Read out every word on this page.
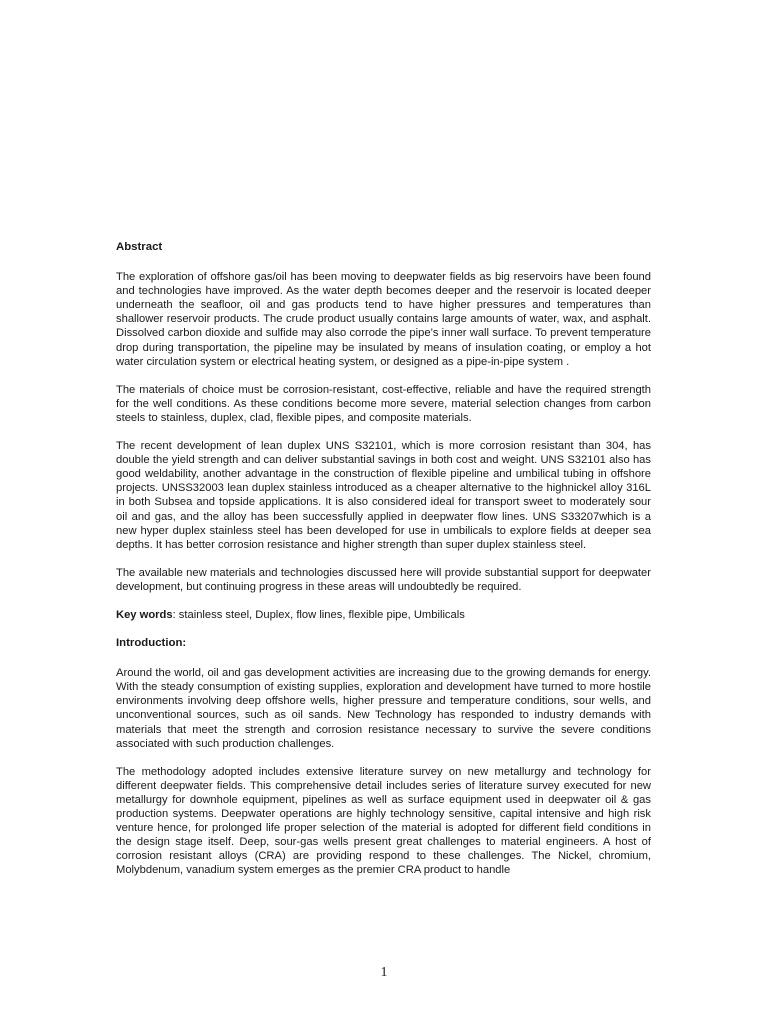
Abstract

The exploration of offshore gas/oil has been moving to deepwater fields as big reservoirs have been found and technologies have improved. As the water depth becomes deeper and the reservoir is located deeper underneath the seafloor, oil and gas products tend to have higher pressures and temperatures than shallower reservoir products. The crude product usually contains large amounts of water, wax, and asphalt. Dissolved carbon dioxide and sulfide may also corrode the pipe’s inner wall surface. To prevent temperature drop during transportation, the pipeline may be insulated by means of insulation coating, or employ a hot water circulation system or electrical heating system, or designed as a pipe-in-pipe system .

The materials of choice must be corrosion-resistant, cost-effective, reliable and have the required strength for the well conditions. As these conditions become more severe, material selection changes from carbon steels to stainless, duplex, clad, flexible pipes, and composite materials.

The recent development of lean duplex UNS S32101, which is more corrosion resistant than 304, has double the yield strength and can deliver substantial savings in both cost and weight. UNS S32101 also has good weldability, another advantage in the construction of flexible pipeline and umbilical tubing in offshore projects. UNSS32003 lean duplex stainless introduced as a cheaper alternative to the highnickel alloy 316L in both Subsea and topside applications. It is also considered ideal for transport sweet to moderately sour oil and gas, and the alloy has been successfully applied in deepwater flow lines. UNS S33207which is a new hyper duplex stainless steel has been developed for use in umbilicals to explore fields at deeper sea depths. It has better corrosion resistance and higher strength than super duplex stainless steel.

The available new materials and technologies discussed here will provide substantial support for deepwater development, but continuing progress in these areas will undoubtedly be required.

Key words: stainless steel, Duplex, flow lines, flexible pipe, Umbilicals

Introduction:

Around the world, oil and gas development activities are increasing due to the growing demands for energy. With the steady consumption of existing supplies, exploration and development have turned to more hostile environments involving deep offshore wells, higher pressure and temperature conditions, sour wells, and unconventional sources, such as oil sands. New Technology has responded to industry demands with materials that meet the strength and corrosion resistance necessary to survive the severe conditions associated with such production challenges.

The methodology adopted includes extensive literature survey on new metallurgy and technology for different deepwater fields. This comprehensive detail includes series of literature survey executed for new metallurgy for downhole equipment, pipelines as well as surface equipment used in deepwater oil & gas production systems. Deepwater operations are highly technology sensitive, capital intensive and high risk venture hence, for prolonged life proper selection of the material is adopted for different field conditions in the design stage itself. Deep, sour-gas wells present great challenges to material engineers. A host of corrosion resistant alloys (CRA) are providing respond to these challenges. The Nickel, chromium, Molybdenum, vanadium system emerges as the premier CRA product to handle

1
